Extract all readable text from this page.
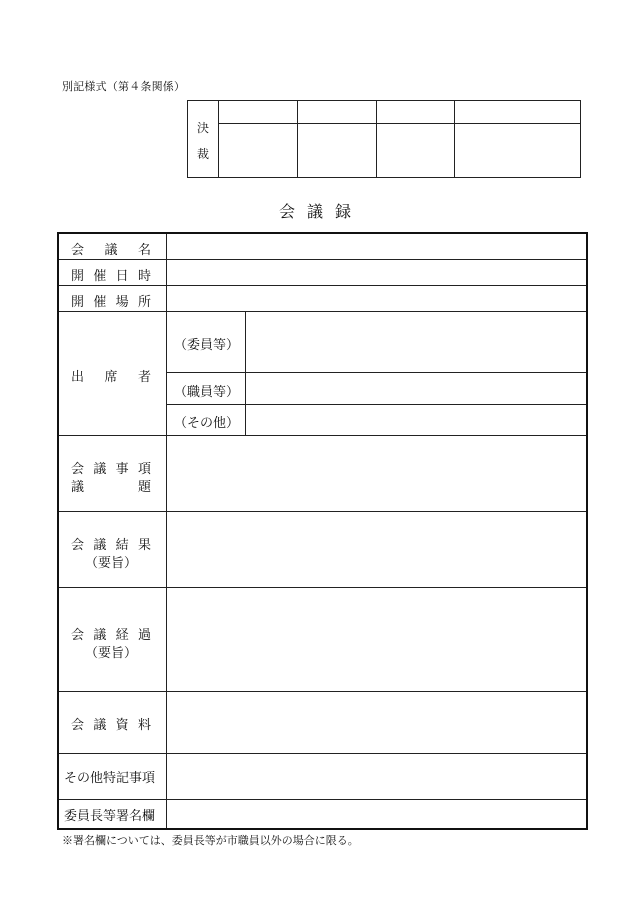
別記様式（第４条関係）
決
裁
会議録
会 議 名
開 催 日 時
開 催 場 所
出 席 者
（委員等）
（職員等）
（その他）
会 議 事 項
議	題
会 議 結 果
（要旨）
会 議 経 過
（要旨）
会 議 資 料
その他特記事項
委員長等署名欄
※署名欄については、委員長等が市職員以外の場合に限る。
